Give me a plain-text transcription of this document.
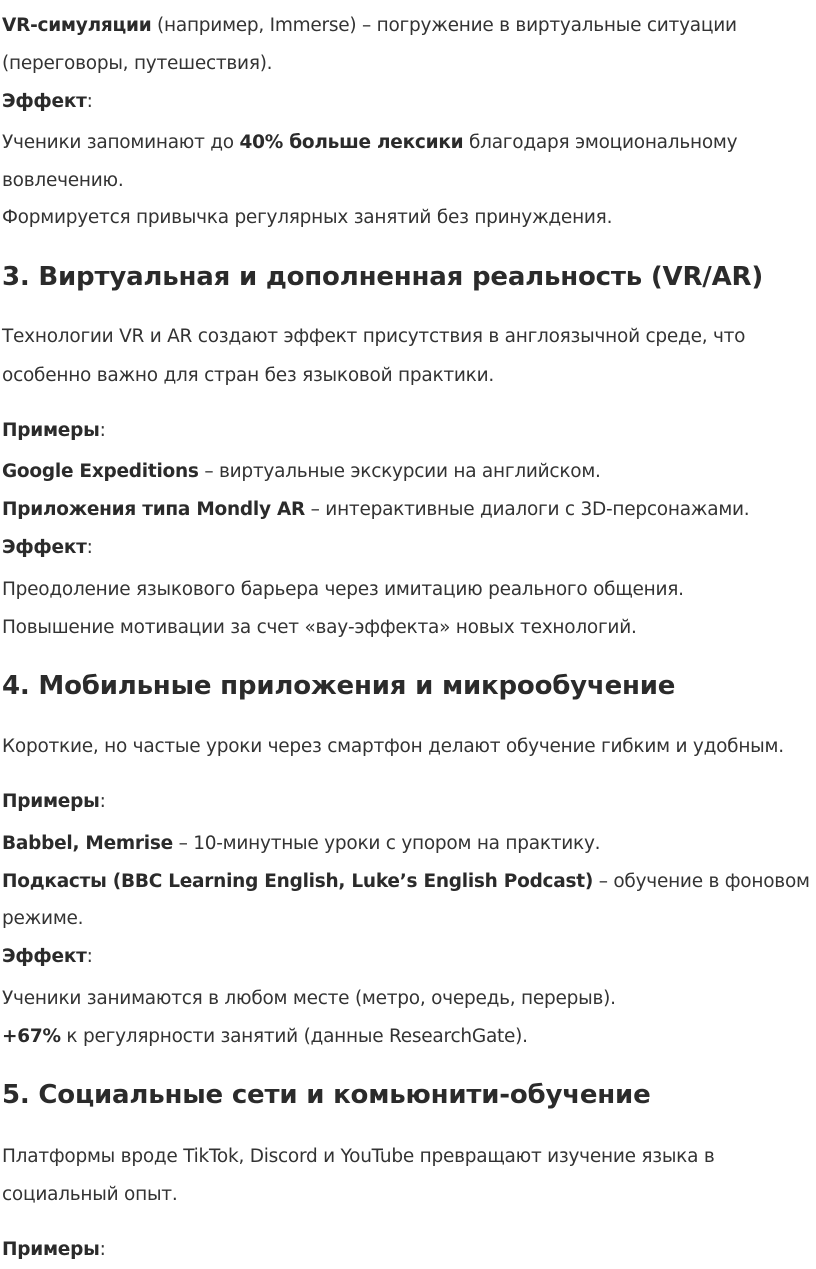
VR-симуляции (например, Immerse) – погружение в виртуальные ситуации
(переговоры, путешествия).
Эффект:
Ученики запоминают до 40% больше лексики благодаря эмоциональному
вовлечению.
Формируется привычка регулярных занятий без принуждения.
3. Виртуальная и дополненная реальность (VR/AR)
Технологии VR и AR создают эффект присутствия в англоязычной среде, что
особенно важно для стран без языковой практики.
Примеры:
Google Expeditions – виртуальные экскурсии на английском.
Приложения типа Mondly AR – интерактивные диалоги с 3D-персонажами.
Эффект:
Преодоление языкового барьера через имитацию реального общения.
Повышение мотивации за счет «вау-эффекта» новых технологий.
4. Мобильные приложения и микрообучение
Короткие, но частые уроки через смартфон делают обучение гибким и удобным.
Примеры:
Babbel, Memrise – 10-минутные уроки с упором на практику.
Подкасты (BBC Learning English, Luke’s English Podcast) – обучение в фоновом
режиме.
Эффект:
Ученики занимаются в любом месте (метро, очередь, перерыв).
+67% к регулярности занятий (данные ResearchGate).
5. Социальные сети и комьюнити-обучение
Платформы вроде TikTok, Discord и YouTube превращают изучение языка в
социальный опыт.
Примеры:
